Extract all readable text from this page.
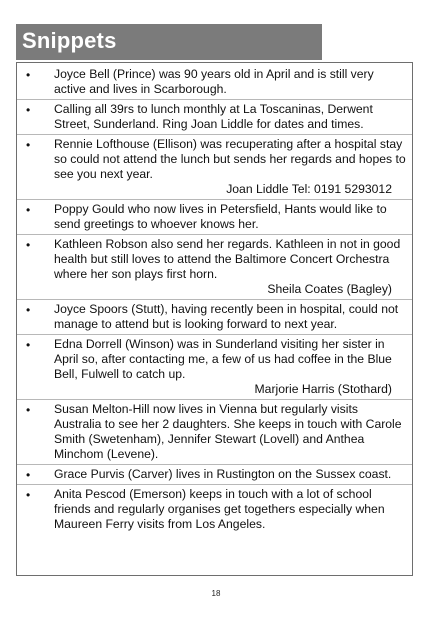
Snippets
• Joyce Bell (Prince) was 90 years old in April and is still very active and lives in Scarborough.
• Calling all 39rs to lunch monthly at La Toscaninas, Derwent Street, Sunderland. Ring Joan Liddle for dates and times.
• Rennie Lofthouse (Ellison) was recuperating after a hospital stay so could not attend the lunch but sends her regards and hopes to see you next year.
Joan Liddle Tel: 0191 5293012
• Poppy Gould who now lives in Petersfield, Hants would like to send greetings to whoever knows her.
• Kathleen Robson also send her regards. Kathleen in not in good health but still loves to attend the Baltimore Concert Orchestra where her son plays first horn.
Sheila Coates (Bagley)
• Joyce Spoors (Stutt), having recently been in hospital, could not manage to attend but is looking forward to next year.
• Edna Dorrell (Winson) was in Sunderland visiting her sister in April so, after contacting me, a few of us had coffee in the Blue Bell, Fulwell to catch up.
Marjorie Harris (Stothard)
• Susan Melton-Hill now lives in Vienna but regularly visits Australia to see her 2 daughters. She keeps in touch with Carole Smith (Swetenham), Jennifer Stewart (Lovell) and Anthea Minchom (Levene).
• Grace Purvis (Carver) lives in Rustington on the Sussex coast.
• Anita Pescod (Emerson) keeps in touch with a lot of school friends and regularly organises get togethers especially when Maureen Ferry visits from Los Angeles.
18
